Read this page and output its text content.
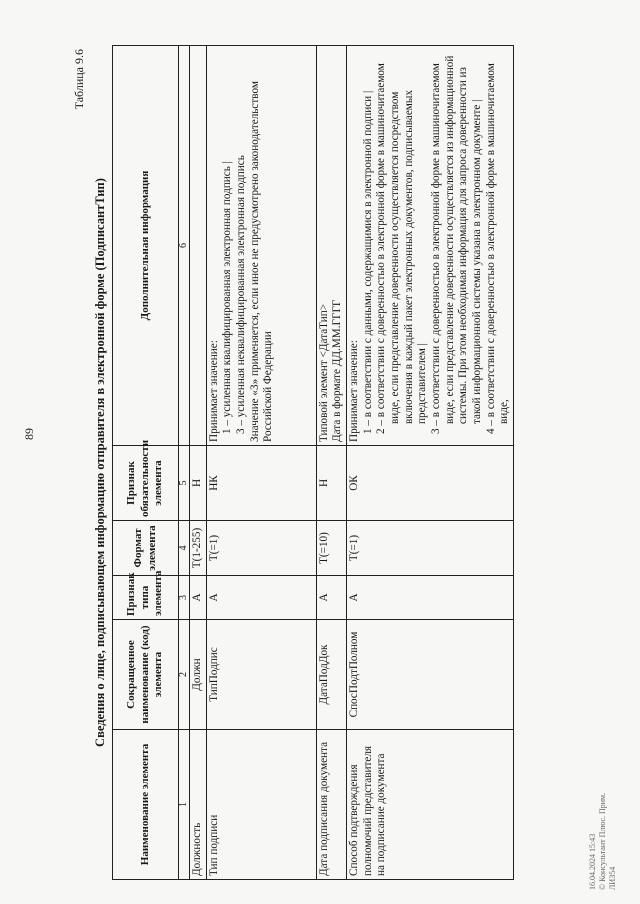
89
Таблица 9.6
Сведения о лице, подписывающем информацию отправителя в электронной форме (ПодписантТип)
Наименование элемента	Сокращенное наименование (код) элемента	Признак типа элемента	Формат элемента	Признак обязательности элемента	Дополнительная информация
1	2	3	4	5	6
Должность	Должн	А	T(1-255)	Н	
Тип подписи	ТипПодпис	А	T(=1)	НК	Принимает значение: 1 – усиленная квалифицированная электронная подпись | 3 – усиленная неквалифицированная электронная подпись Значение «3» применяется, если иное не предусмотрено законодательством Российской Федерации

Дата подписания документа	ДатаПодДок	А	T(=10)	Н	Типовой элемент <ДатаТип> Дата в формате ДД.ММ.ГГГГ

Способ подтверждения полномочий представителя на подписание документа	СпосПодтПолном	А	T(=1)	ОК	Принимает значение: 1 – в соответствии с данными, содержащимися в электронной подписи | 2 – в соответствии с доверенностью в электронной форме в машиночитаемом виде, если представление доверенности осуществляется посредством включения в каждый пакет электронных документов, подписываемых представителем | 3 – в соответствии с доверенностью в электронной форме в машиночитаемом виде, если представление доверенности осуществляется из информационной системы. При этом необходимая информация для запроса доверенности из такой информационной системы указана в электронном документе | 4 – в соответствии с доверенностью в электронной форме в машиночитаемом виде,
16.04.2024 15:43 © Консультант Плюс. Прим. ЛИЗ54
